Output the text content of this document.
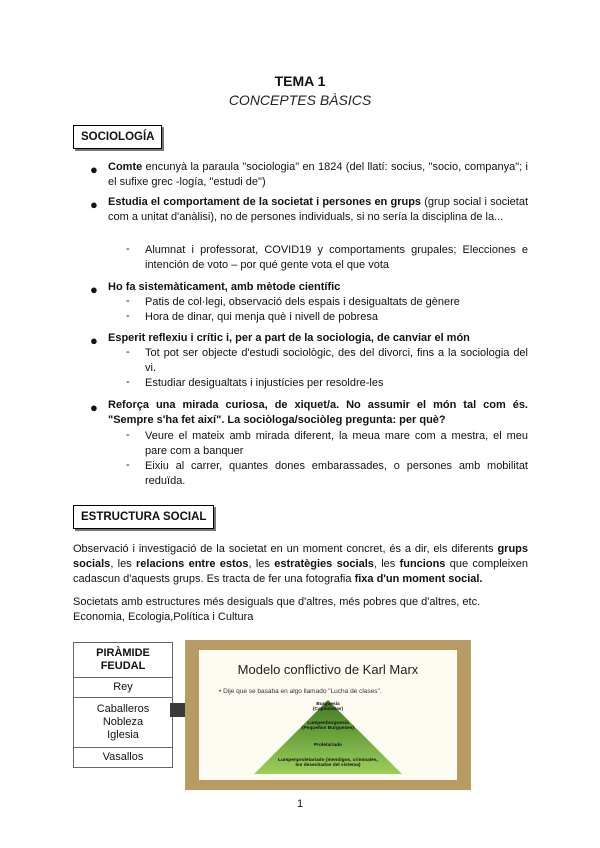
TEMA 1
CONCEPTES BÀSICS
SOCIOLOGÍA
● Comte encunyà la paraula "sociologia" en 1824 (del llatí: socius, "socio, companya"; i el sufixe grec -logía, "estudi de")
● Estudia el comportament de la societat i persones en grups (grup social i societat com a unitat d'anàlisi), no de persones individuals, si no sería la disciplina de la...
- Alumnat i professorat, COVID19 y comportaments grupales; Elecciones e intención de voto – por qué gente vota el que vota
● Ho fa sistemàticament, amb mètode científic
- Patis de col·legi, observació dels espais i desigualtats de gènere
- Hora de dinar, qui menja què i nivell de pobresa
● Esperit reflexiu i crític i, per a part de la sociologia, de canviar el món
- Tot pot ser objecte d'estudi sociològic, des del divorci, fins a la sociologia del vi.
- Estudiar desigualtats i injustícies per resoldre-les
● Reforça una mirada curiosa, de xiquet/a. No assumir el món tal com és. "Sempre s'ha fet així". La sociòloga/sociòleg pregunta: per què?
- Veure el mateix amb mirada diferent, la meua mare com a mestra, el meu pare com a banquer
- Eixiu al carrer, quantes dones embarassades, o persones amb mobilitat reduïda.
ESTRUCTURA SOCIAL
Observació i investigació de la societat en un moment concret, és a dir, els diferents grups socials, les relacions entre estos, les estratègies socials, les funcions que compleixen cadascun d'aquests grups. Es tracta de fer una fotografia fixa d'un moment social.
Societats amb estructures més desiguals que d'altres, més pobres que d'altres, etc.
Economia, Ecologia,Política i Cultura
PIRÀMIDE FEUDAL
Rey
Caballeros
Nobleza
Iglesia
Vasallos
Modelo conflictivo de Karl Marx
• Dije que se basaba en algo llamado "Lucha de clases".
Burguesía
(Capitalistas)
Lumpenburguesía
(Pequeños Burgueses)
Proletariado
Lumpenproletariado (mendigos, criminales,
los desechados del sistema)
1
